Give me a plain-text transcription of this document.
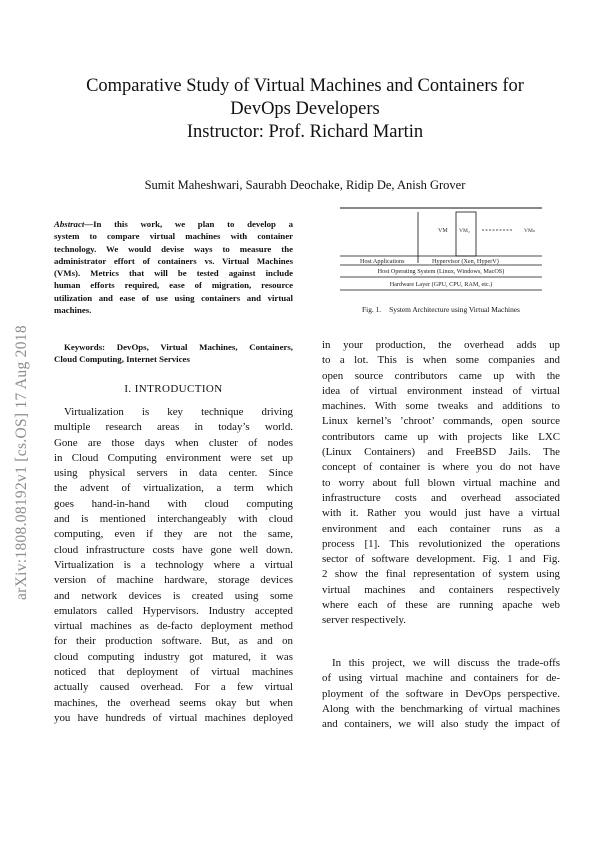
arXiv:1808.08192v1 [cs.OS] 17 Aug 2018
Comparative Study of Virtual Machines and Containers for
DevOps Developers
Instructor: Prof. Richard Martin
Sumit Maheshwari, Saurabh Deochake, Ridip De, Anish Grover
Abstract—In this work, we plan to develop a
system to compare virtual machines with container
technology. We would devise ways to measure the
administrator effort of containers vs. Virtual Machines
(VMs). Metrics that will be tested against include
human efforts required, ease of migration, resource
utilization and ease of use using containers and virtual
machines.
Keywords: DevOps, Virtual Machines, Containers,
Cloud Computing, Internet Services
I. INTRODUCTION
Virtualization is key technique driving
multiple research areas in today’s world.
Gone are those days when cluster of nodes
in Cloud Computing environment were set up
using physical servers in data center. Since
the advent of virtualization, a term which
goes hand-in-hand with cloud computing
and is mentioned interchangeably with cloud
computing, even if they are not the same,
cloud infrastructure costs have gone well down.
Virtualization is a technology where a virtual
version of machine hardware, storage devices
and network devices is created using some
emulators called Hypervisors. Industry accepted
virtual machines as de-facto deployment method
for their production software. But, as and on
cloud computing industry got matured, it was
noticed that deployment of virtual machines
actually caused overhead. For a few virtual
machines, the overhead seems okay but when
you have hundreds of virtual machines deployed
VM VM₂	VMₙ
Host Applications	Hypervisor (Xen, HyperV)
Host Operating System (Linux, Windows, MacOS)
Hardware Layer (GPU, CPU, RAM, etc.)
Fig. 1. System Architecture using Virtual Machines
in your production, the overhead adds up
to a lot. This is when some companies and
open source contributors came up with the
idea of virtual environment instead of virtual
machines. With some tweaks and additions to
Linux kernel’s ’chroot’ commands, open source
contributors came up with projects like LXC
(Linux Containers) and FreeBSD Jails. The
concept of container is where you do not have
to worry about full blown virtual machine and
infrastructure costs and overhead associated
with it. Rather you would just have a virtual
environment and each container runs as a
process [1]. This revolutionized the operations
sector of software development. Fig. 1 and Fig.
2 show the final representation of system using
virtual machines and containers respectively
where each of these are running apache web
server respectively.
In this project, we will discuss the trade-offs
of using virtual machine and containers for de-
ployment of the software in DevOps perspective.
Along with the benchmarking of virtual machines
and containers, we will also study the impact of
